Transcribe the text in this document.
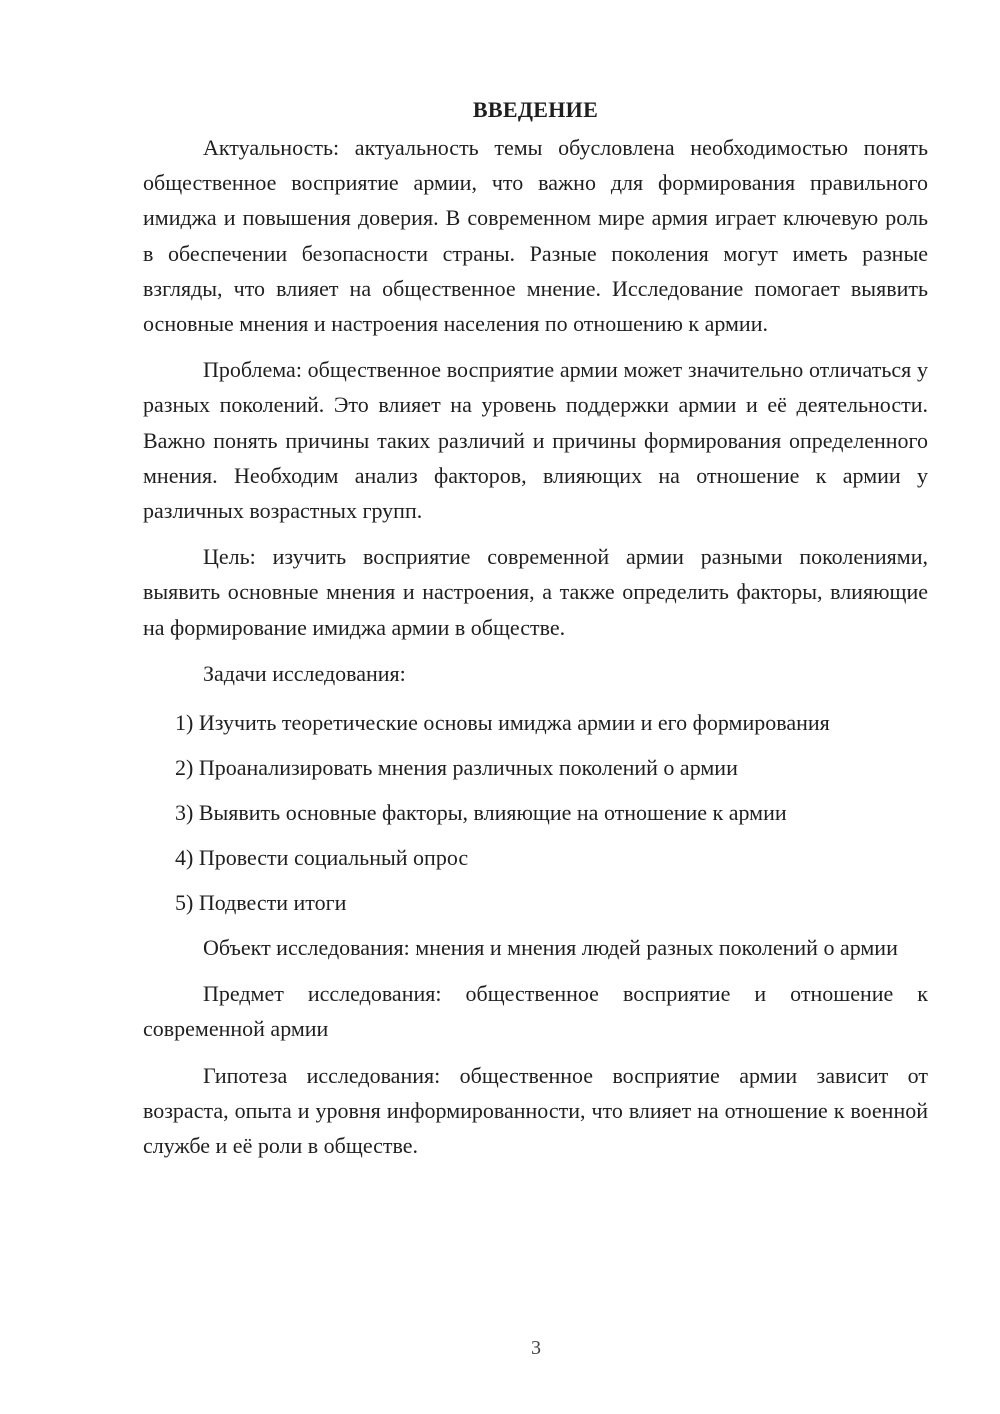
ВВЕДЕНИЕ

Актуальность: актуальность темы обусловлена необходимостью понять общественное восприятие армии, что важно для формирования правильного имиджа и повышения доверия. В современном мире армия играет ключевую роль в обеспечении безопасности страны. Разные поколения могут иметь разные взгляды, что влияет на общественное мнение. Исследование помогает выявить основные мнения и настроения населения по отношению к армии.

Проблема: общественное восприятие армии может значительно отличаться у разных поколений. Это влияет на уровень поддержки армии и её деятельности. Важно понять причины таких различий и причины формирования определенного мнения. Необходим анализ факторов, влияющих на отношение к армии у различных возрастных групп.

Цель: изучить восприятие современной армии разными поколениями, выявить основные мнения и настроения, а также определить факторы, влияющие на формирование имиджа армии в обществе.

Задачи исследования:

1) Изучить теоретические основы имиджа армии и его формирования
2) Проанализировать мнения различных поколений о армии
3) Выявить основные факторы, влияющие на отношение к армии
4) Провести социальный опрос
5) Подвести итоги

Объект исследования: мнения и мнения людей разных поколений о армии

Предмет исследования: общественное восприятие и отношение к современной армии

Гипотеза исследования: общественное восприятие армии зависит от возраста, опыта и уровня информированности, что влияет на отношение к военной службе и её роли в обществе.

3
